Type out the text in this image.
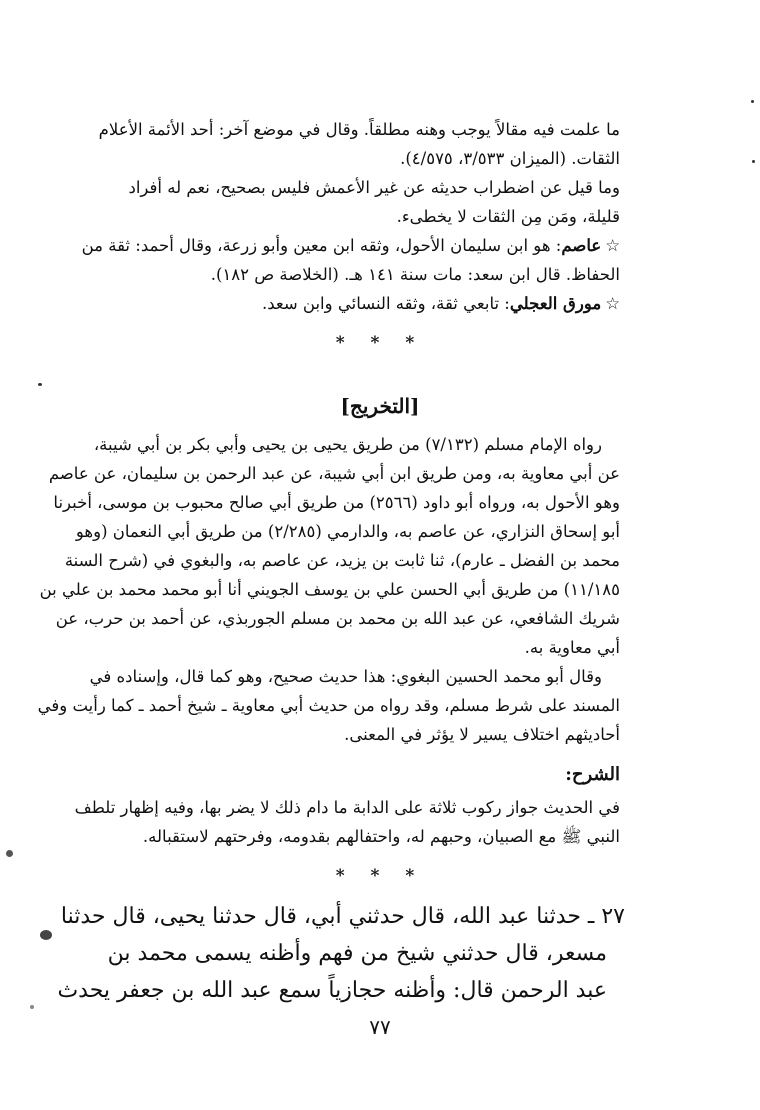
ما علمت فيه مقالاً يوجب وهنه مطلقاً. وقال في موضع آخر: أحد الأئمة الأعلام
الثقات. (الميزان ٣/٥٣٣، ٤/٥٧٥).
وما قيل عن اضطراب حديثه عن غير الأعمش فليس بصحيح، نعم له أفراد
قليلة، ومَن مِن الثقات لا يخطىء.
☆عاصم: هو ابن سليمان الأحول، وثقه ابن معين وأبو زرعة، وقال أحمد: ثقة من
الحفاظ. قال ابن سعد: مات سنة ١٤١ هـ. (الخلاصة ص ١٨٢).
☆مورق العجلي: تابعي ثقة، وثقه النسائي وابن سعد.
* * *
[التخريج]
رواه الإمام مسلم (٧/١٣٢) من طريق يحيى بن يحيى وأبي بكر بن أبي شيبة،
عن أبي معاوية به، ومن طريق ابن أبي شيبة، عن عبد الرحمن بن سليمان، عن عاصم
وهو الأحول به، ورواه أبو داود (٢٥٦٦) من طريق أبي صالح محبوب بن موسى، أخبرنا
أبو إسحاق النزاري، عن عاصم به، والدارمي (٢/٢٨٥) من طريق أبي النعمان (وهو
محمد بن الفضل ـ عارم)، ثنا ثابت بن يزيد، عن عاصم به، والبغوي في (شرح السنة
١١/١٨٥) من طريق أبي الحسن علي بن يوسف الجويني أنا أبو محمد محمد بن علي بن
شريك الشافعي، عن عبد الله بن محمد بن مسلم الجوربذي، عن أحمد بن حرب، عن
أبي معاوية به.
وقال أبو محمد الحسين البغوي: هذا حديث صحيح، وهو كما قال، وإسناده في
المسند على شرط مسلم، وقد رواه من حديث أبي معاوية ـ شيخ أحمد ـ كما رأيت وفي
أحاديثهم اختلاف يسير لا يؤثر في المعنى.
الشرح:
في الحديث جواز ركوب ثلاثة على الدابة ما دام ذلك لا يضر بها، وفيه إظهار تلطف
النبي ﷺ مع الصبيان، وحبهم له، واحتفالهم بقدومه، وفرحتهم لاستقباله.
* * *
٢٧ ـ حدثنا عبد الله، قال حدثني أبي، قال حدثنا يحيى، قال حدثنا
مسعر، قال حدثني شيخ من فهم وأظنه يسمى محمد بن
عبد الرحمن قال: وأظنه حجازياً سمع عبد الله بن جعفر يحدث
٧٧
